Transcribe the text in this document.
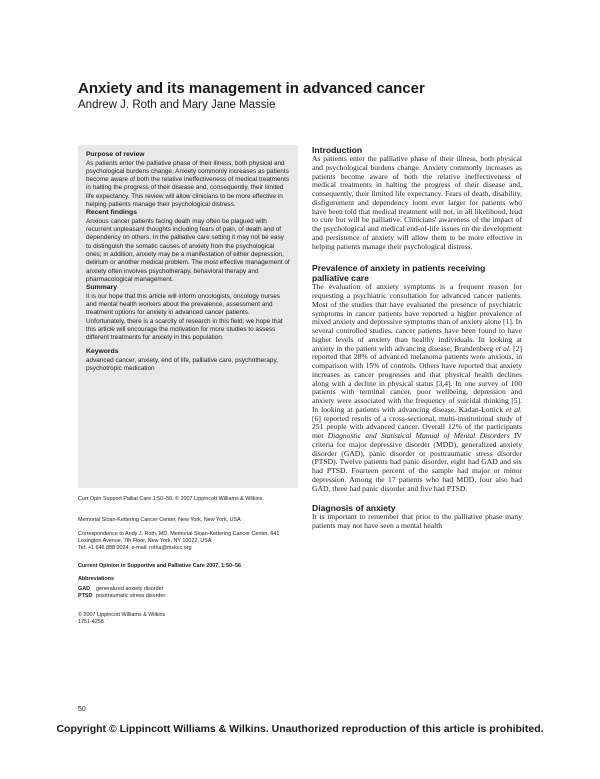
Anxiety and its management in advanced cancer
Andrew J. Roth and Mary Jane Massie
Purpose of review

As patients enter the palliative phase of their illness, both physical and psychological burdens change. Anxiety commonly increases as patients become aware of both the relative ineffectiveness of medical treatments in halting the progress of their disease and, consequently, their limited life expectancy. This review will allow clinicians to be more effective in helping patients manage their psychological distress.

Recent findings

Anxious cancer patients facing death may often be plagued with recurrent unpleasant thoughts including fears of pain, of death and of dependency on others. In the palliative care setting it may not be easy to distinguish the somatic causes of anxiety from the psychological ones; in addition, anxiety may be a manifestation of either depression, delirium or another medical problem. The most effective management of anxiety often involves psychotherapy, behavioral therapy and pharmacological management.

Summary

It is our hope that this article will inform oncologists, oncology nurses and mental health workers about the prevalence, assessment and treatment options for anxiety in advanced cancer patients. Unfortunately, there is a scarcity of research in this field; we hope that this article will encourage the motivation for more studies to assess different treatments for anxiety in this population.

Keywords

advanced cancer, anxiety, end of life, palliative care, psychotherapy, psychotropic medication

Curr Opin Support Palliat Care 1:50–56. © 2007 Lippincott Williams & Wilkins.

Memorial Sloan-Kettering Cancer Center, New York, New York, USA

Correspondence to Andy J. Roth, MD, Memorial Sloan-Kettering Cancer Center, 641 Lexington Avenue, 7th Floor, New York, NY 10022, USA

Tel: +1 646 888 0024; e-mail: rotha@mskcc.org

Current Opinion in Supportive and Palliative Care 2007, 1:50–56

Abbreviations

GAD	generalized anxiety disorder
PTSD posttraumatic stress disorder

© 2007 Lippincott Williams & Wilkins

1751-4258

Introduction

As patients enter the palliative phase of their illness, both physical and psychological burdens change. Anxiety commonly increases as patients become aware of both the relative ineffectiveness of medical treatments in halting the progress of their disease and, consequently, their limited life expectancy. Fears of death, disability, disfigurement and dependency loom ever larger for patients who have been told that medical treatment will not, in all likelihood, lead to cure but will be palliative. Clinicians' awareness of the impact of the psychological and medical end-of-life issues on the development and persistence of anxiety will allow them to be more effective in helping patients manage their psychological distress.

Prevalence of anxiety in patients receiving palliative care

The evaluation of anxiety symptoms is a frequent reason for requesting a psychiatric consultation for advanced cancer patients. Most of the studies that have evaluated the presence of psychiatric symptoms in cancer patients have reported a higher prevalence of mixed anxiety and depressive symptoms than of anxiety alone [1]. In several controlled studies, cancer patients have been found to have higher levels of anxiety than healthy individuals. In looking at anxiety in the patient with advancing disease, Brandenberg et al. [2] reported that 28% of advanced melanoma patients were anxious, in comparison with 15% of controls. Others have reported that anxiety increases as cancer progresses and that physical health declines along with a decline in physical status [3,4]. In one survey of 100 patients with terminal cancer, poor wellbeing, depression and anxiety were associated with the frequency of suicidal thinking [5]. In looking at patients with advancing disease, Kadan-Lottick et al. [6] reported results of a cross-sectional, multi-institutional study of 251 people with advanced cancer. Overall 12% of the participants met Diagnostic and Statistical Manual of Mental Disorders IV criteria for major depressive disorder (MDD), generalized anxiety disorder (GAD), panic disorder or posttraumatic stress disorder (PTSD). Twelve patients had panic disorder, eight had GAD and six had PTSD. Fourteen percent of the sample had major or minor depression. Among the 17 patients who had MDD, four also had GAD, three had panic disorder and five had PTSD.

Diagnosis of anxiety

It is important to remember that prior to the palliative phase many patients may not have seen a mental health

50
Copyright © Lippincott Williams & Wilkins. Unauthorized reproduction of this article is prohibited.
